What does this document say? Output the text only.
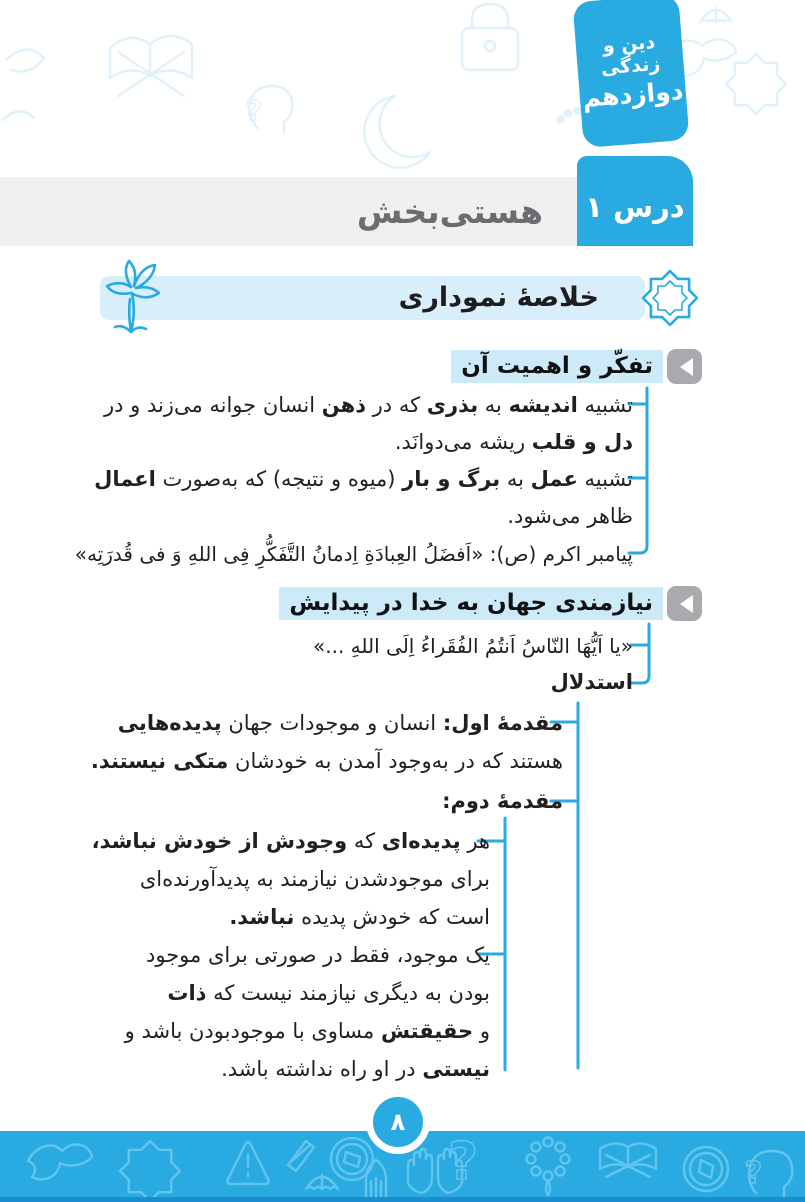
?
دین و زندگی
دوازدهم
هستی‌بخش درس ۱
خلاصهٔ نموداری
تفکّر و اهمیت آن
تشبیه اندیشه به بذری که در ذهن انسان جوانه می‌زند و در
دل و قلب ریشه می‌دوانَد.
تشبیه عمل به برگ و بار (میوه و نتیجه) که به‌صورت اعمال
ظاهر می‌شود.
پیامبر اکرم (ص): «اَفضَلُ العِبادَةِ اِدمانُ التَّفَکُّرِ فِی اللهِ وَ فی قُدرَتِه»
نیازمندی جهان به خدا در پیدایش
«یا اَیُّهَا النّاسُ اَنتُمُ الفُقَراءُ اِلَی اللهِ ...»
استدلال
مقدمهٔ اول: انسان و موجودات جهان پدیده‌هایی
هستند که در به‌وجود آمدن به خودشان متکی نیستند.
مقدمهٔ دوم:
هر پدیده‌ای که وجودش از خودش نباشد،
برای موجودشدن نیازمند به پدیدآورنده‌ای
است که خودش پدیده نباشد.
یک موجود، فقط در صورتی برای موجود
بودن به دیگری نیازمند نیست که ذات
و حقیقتش مساوی با موجودبودن باشد و
نیستی در او راه نداشته باشد.
?	?
۸
